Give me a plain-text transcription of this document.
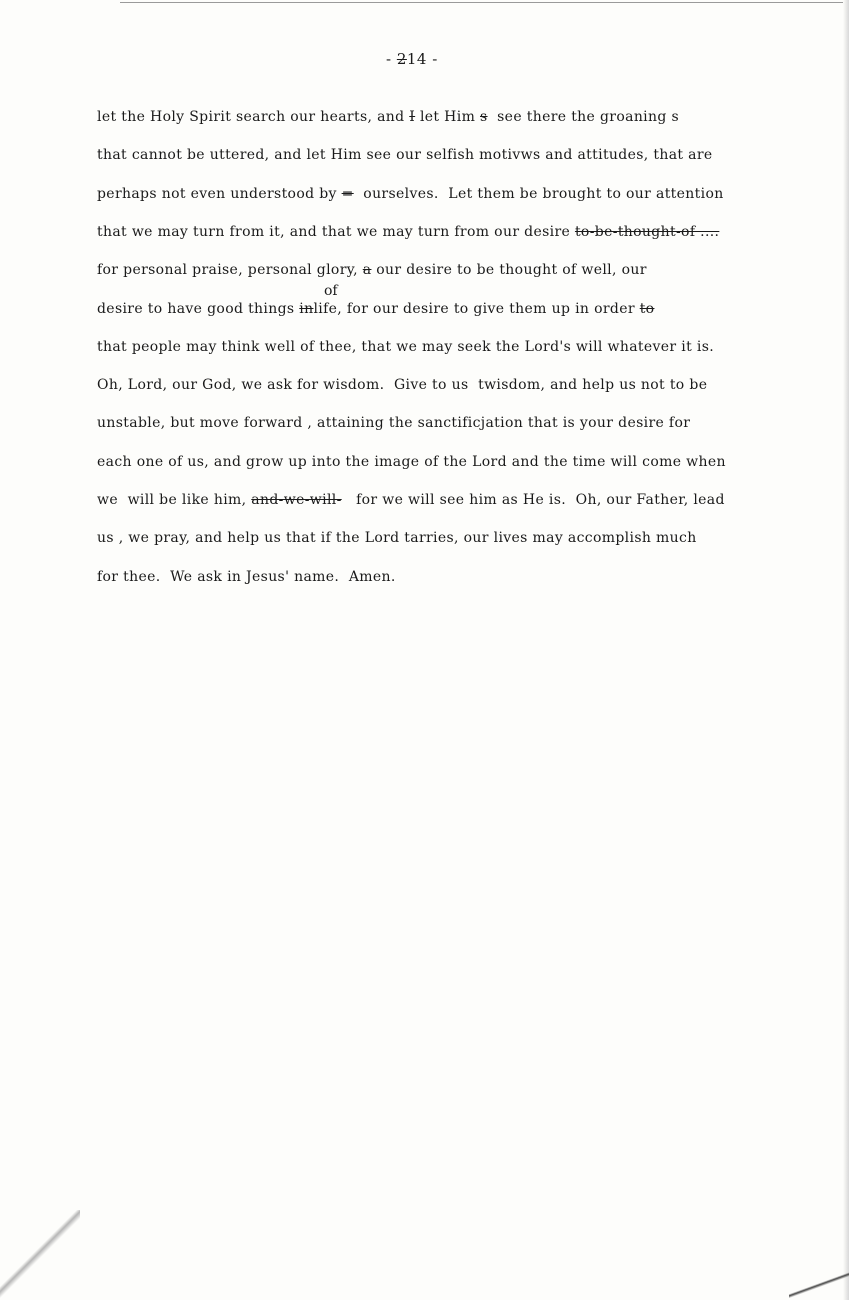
- 214 -
of
let the Holy Spirit search our hearts, and I let Him s  see there the groaning s
that cannot be uttered, and let Him see our selfish motivws and attitudes, that are
perhaps not even understood by =  ourselves.  Let them be brought to our attention
that we may turn from it, and that we may turn from our desire to-be-thought-of ....
for personal praise, personal glory, a our desire to be thought of well, our
desire to have good things inlife, for our desire to give them up in order to
that people may think well of thee, that we may seek the Lord's will whatever it is.
Oh, Lord, our God, we ask for wisdom.  Give to us  twisdom, and help us not to be
unstable, but move forward , attaining the sanctificjation that is your desire for
each one of us, and grow up into the image of the Lord and the time will come when
we  will be like him, and-we-will-   for we will see him as He is.  Oh, our Father, lead
us , we pray, and help us that if the Lord tarries, our lives may accomplish much
for thee.  We ask in Jesus' name.  Amen.
